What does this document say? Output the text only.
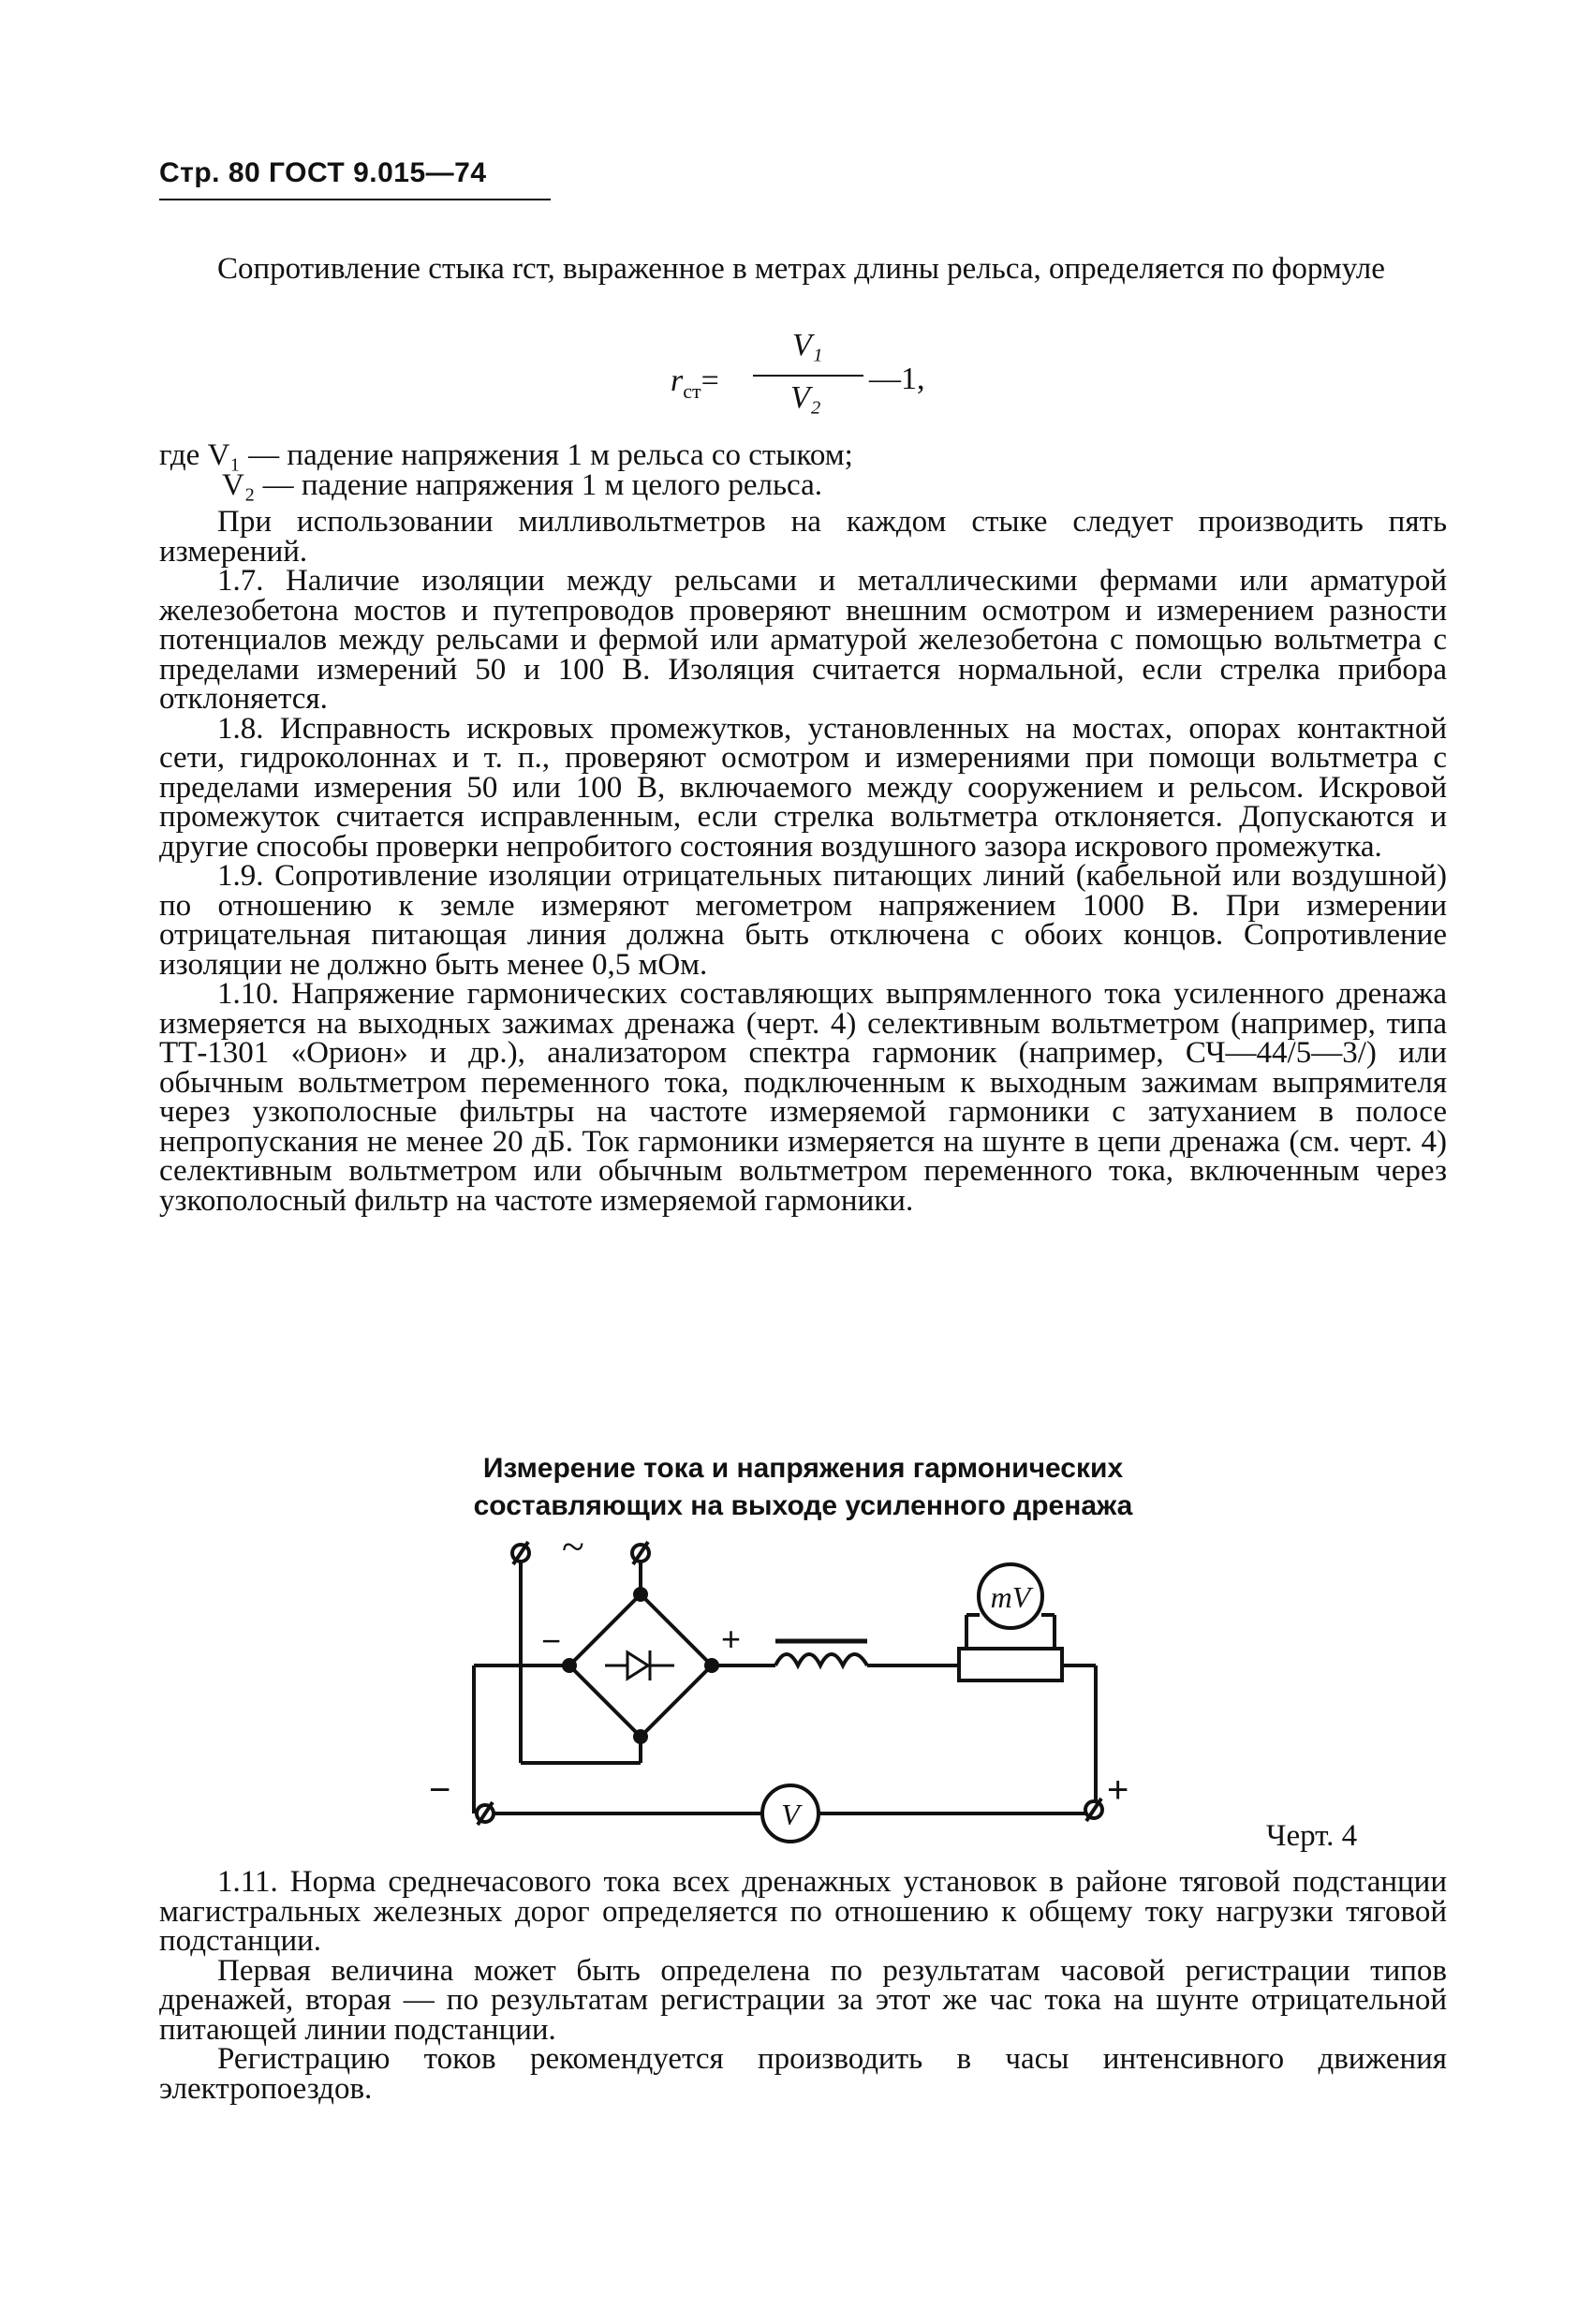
Стр. 80 ГОСТ 9.015—74

Сопротивление стыка rст, выраженное в метрах длины рельса, определяется по формуле

$r_{ст}=$
V₁
V₂
—1,
где V₁ — падение напряжения 1 м рельса со стыком;
V₂ — падение напряжения 1 м целого рельса.

При использовании милливольтметров на каждом стыке следует производить пять измерений.

1.7. Наличие изоляции между рельсами и металлическими фермами или арматурой железобетона мостов и путепроводов проверяют внешним осмотром и измерением разности потенциалов между рельсами и фермой или арматурой железобетона с помощью вольтметра с пределами измерений 50 и 100 В. Изоляция считается нормальной, если стрелка прибора отклоняется.

1.8. Исправность искровых промежутков, установленных на мостах, опорах контактной сети, гидроколоннах и т. п., проверяют осмотром и измерениями при помощи вольтметра с пределами измерения 50 или 100 В, включаемого между сооружением и рельсом. Искровой промежуток считается исправленным, если стрелка вольтметра отклоняется. Допускаются и другие способы проверки непробитого состояния воздушного зазора искрового промежутка.

1.9. Сопротивление изоляции отрицательных питающих линий (кабельной или воздушной) по отношению к земле измеряют мегометром напряжением 1000 В. При измерении отрицательная питающая линия должна быть отключена с обоих концов. Сопротивление изоляции не должно быть менее 0,5 мОм.

1.10. Напряжение гармонических составляющих выпрямленного тока усиленного дренажа измеряется на выходных зажимах дренажа (черт. 4) селективным вольтметром (например, типа ТТ-1301 «Орион» и др.), анализатором спектра гармоник (например, СЧ—44/5—3/) или обычным вольтметром переменного тока, подключенным к выходным зажимам выпрямителя через узкополосные фильтры на частоте измеряемой гармоники с затуханием в полосе непропускания не менее 20 дБ. Ток гармоники измеряется на шунте в цепи дренажа (см. черт. 4) селективным вольтметром или обычным вольтметром переменного тока, включенным через узкополосный фильтр на частоте измеряемой гармоники.

Измерение тока и напряжения гармонических
составляющих на выходе усиленного дренажа
~
−	+
mV
V
−	+
Черт. 4

1.11. Норма среднечасового тока всех дренажных установок в районе тяговой подстанции магистральных железных дорог определяется по отношению к общему току нагрузки тяговой подстанции.

Первая величина может быть определена по результатам часовой регистрации типов дренажей, вторая — по результатам регистрации за этот же час тока на шунте отрицательной питающей линии подстанции.

Регистрацию токов рекомендуется производить в часы интенсивного движения электропоездов.
